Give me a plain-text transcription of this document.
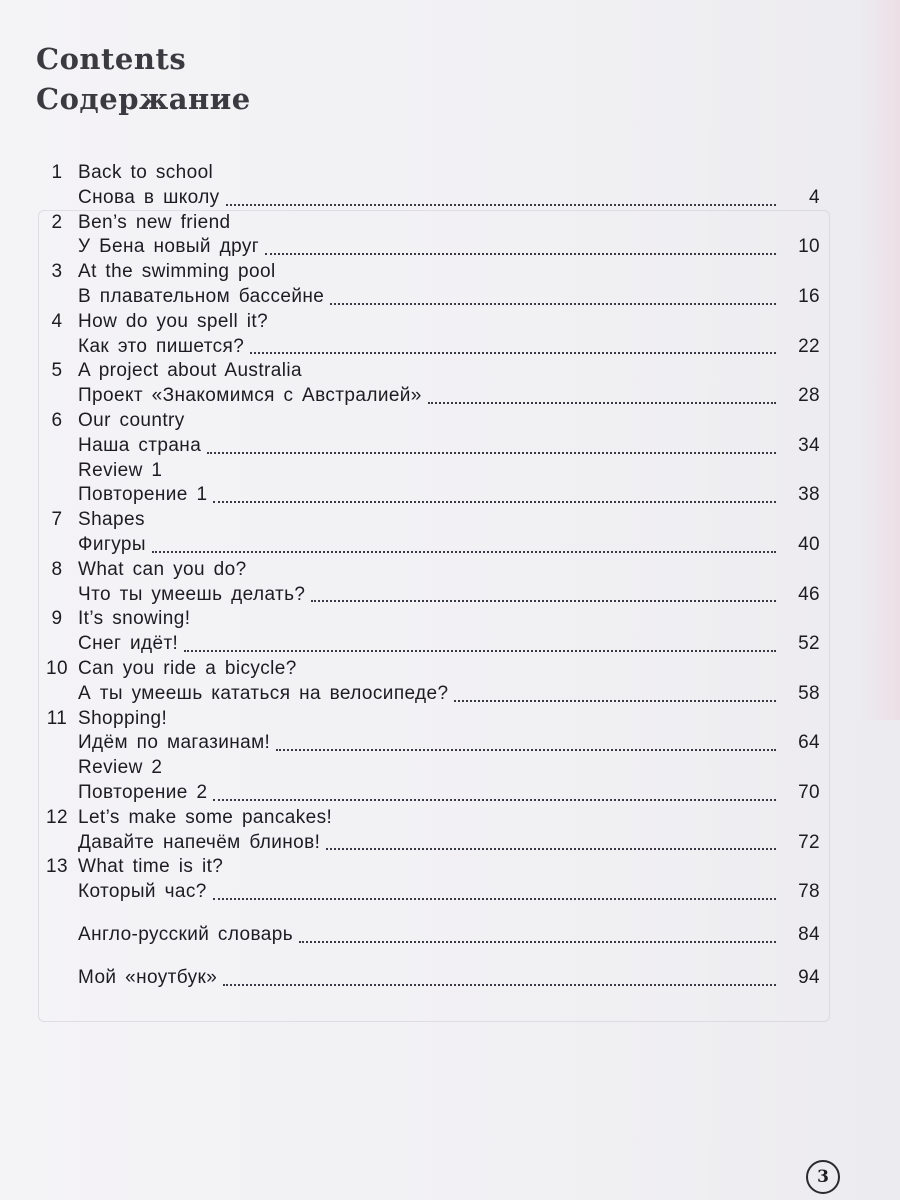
Contents
Содержание
1 Back to school
Снова в школу	4
2 Ben’s new friend
У Бена новый друг	10
3 At the swimming pool
В плавательном бассейне	16
4 How do you spell it?
Как это пишется?	22
5 A project about Australia
Проект «Знакомимся с Австралией»	28
6 Our country
Наша страна	34
Review 1
Повторение 1	38
7 Shapes
Фигуры	40
8 What can you do?
Что ты умеешь делать?	46
9 It’s snowing!
Снег идёт!	52
10 Can you ride a bicycle?
А ты умеешь кататься на велосипеде?	58
11 Shopping!
Идём по магазинам!	64
Review 2
Повторение 2	70
12 Let’s make some pancakes!
Давайте напечём блинов!	72
13 What time is it?
Который час?	78
Англо-русский словарь	84
Мой «ноутбук»	94
3
